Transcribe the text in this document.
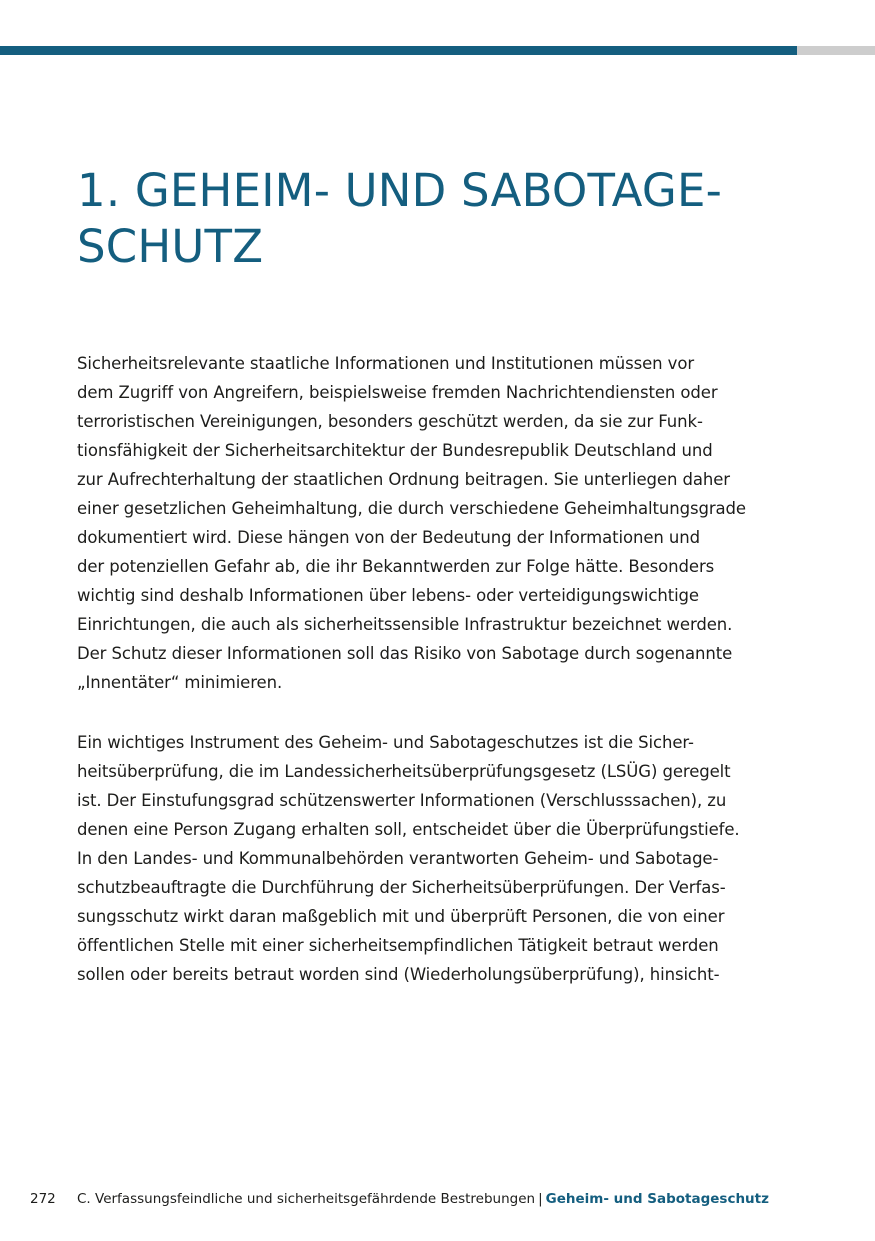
1. GEHEIM- UND SABOTAGE-
SCHUTZ
Sicherheitsrelevante staatliche Informationen und Institutionen müssen vor
dem Zugriff von Angreifern, beispielsweise fremden Nachrichtendiensten oder
terroristischen Vereinigungen, besonders geschützt werden, da sie zur Funk-
tionsfähigkeit der Sicherheitsarchitektur der Bundesrepublik Deutschland und
zur Aufrechterhaltung der staatlichen Ordnung beitragen. Sie unterliegen daher
einer gesetzlichen Geheimhaltung, die durch verschiedene Geheimhaltungsgrade
dokumentiert wird. Diese hängen von der Bedeutung der Informationen und
der potenziellen Gefahr ab, die ihr Bekanntwerden zur Folge hätte. Besonders
wichtig sind deshalb Informationen über lebens- oder verteidigungswichtige
Einrichtungen, die auch als sicherheitssensible Infrastruktur bezeichnet werden.
Der Schutz dieser Informationen soll das Risiko von Sabotage durch sogenannte
„Innentäter“ minimieren.
Ein wichtiges Instrument des Geheim- und Sabotageschutzes ist die Sicher-
heitsüberprüfung, die im Landessicherheitsüberprüfungsgesetz (LSÜG) geregelt
ist. Der Einstufungsgrad schützenswerter Informationen (Verschlusssachen), zu
denen eine Person Zugang erhalten soll, entscheidet über die Überprüfungstiefe.
In den Landes- und Kommunalbehörden verantworten Geheim- und Sabotage-
schutzbeauftragte die Durchführung der Sicherheitsüberprüfungen. Der Verfas-
sungsschutz wirkt daran maßgeblich mit und überprüft Personen, die von einer
öffentlichen Stelle mit einer sicherheitsempfindlichen Tätigkeit betraut werden
sollen oder bereits betraut worden sind (Wiederholungsüberprüfung), hinsicht-
272 C. Verfassungsfeindliche und sicherheitsgefährdende Bestrebungen | Geheim- und Sabotageschutz
